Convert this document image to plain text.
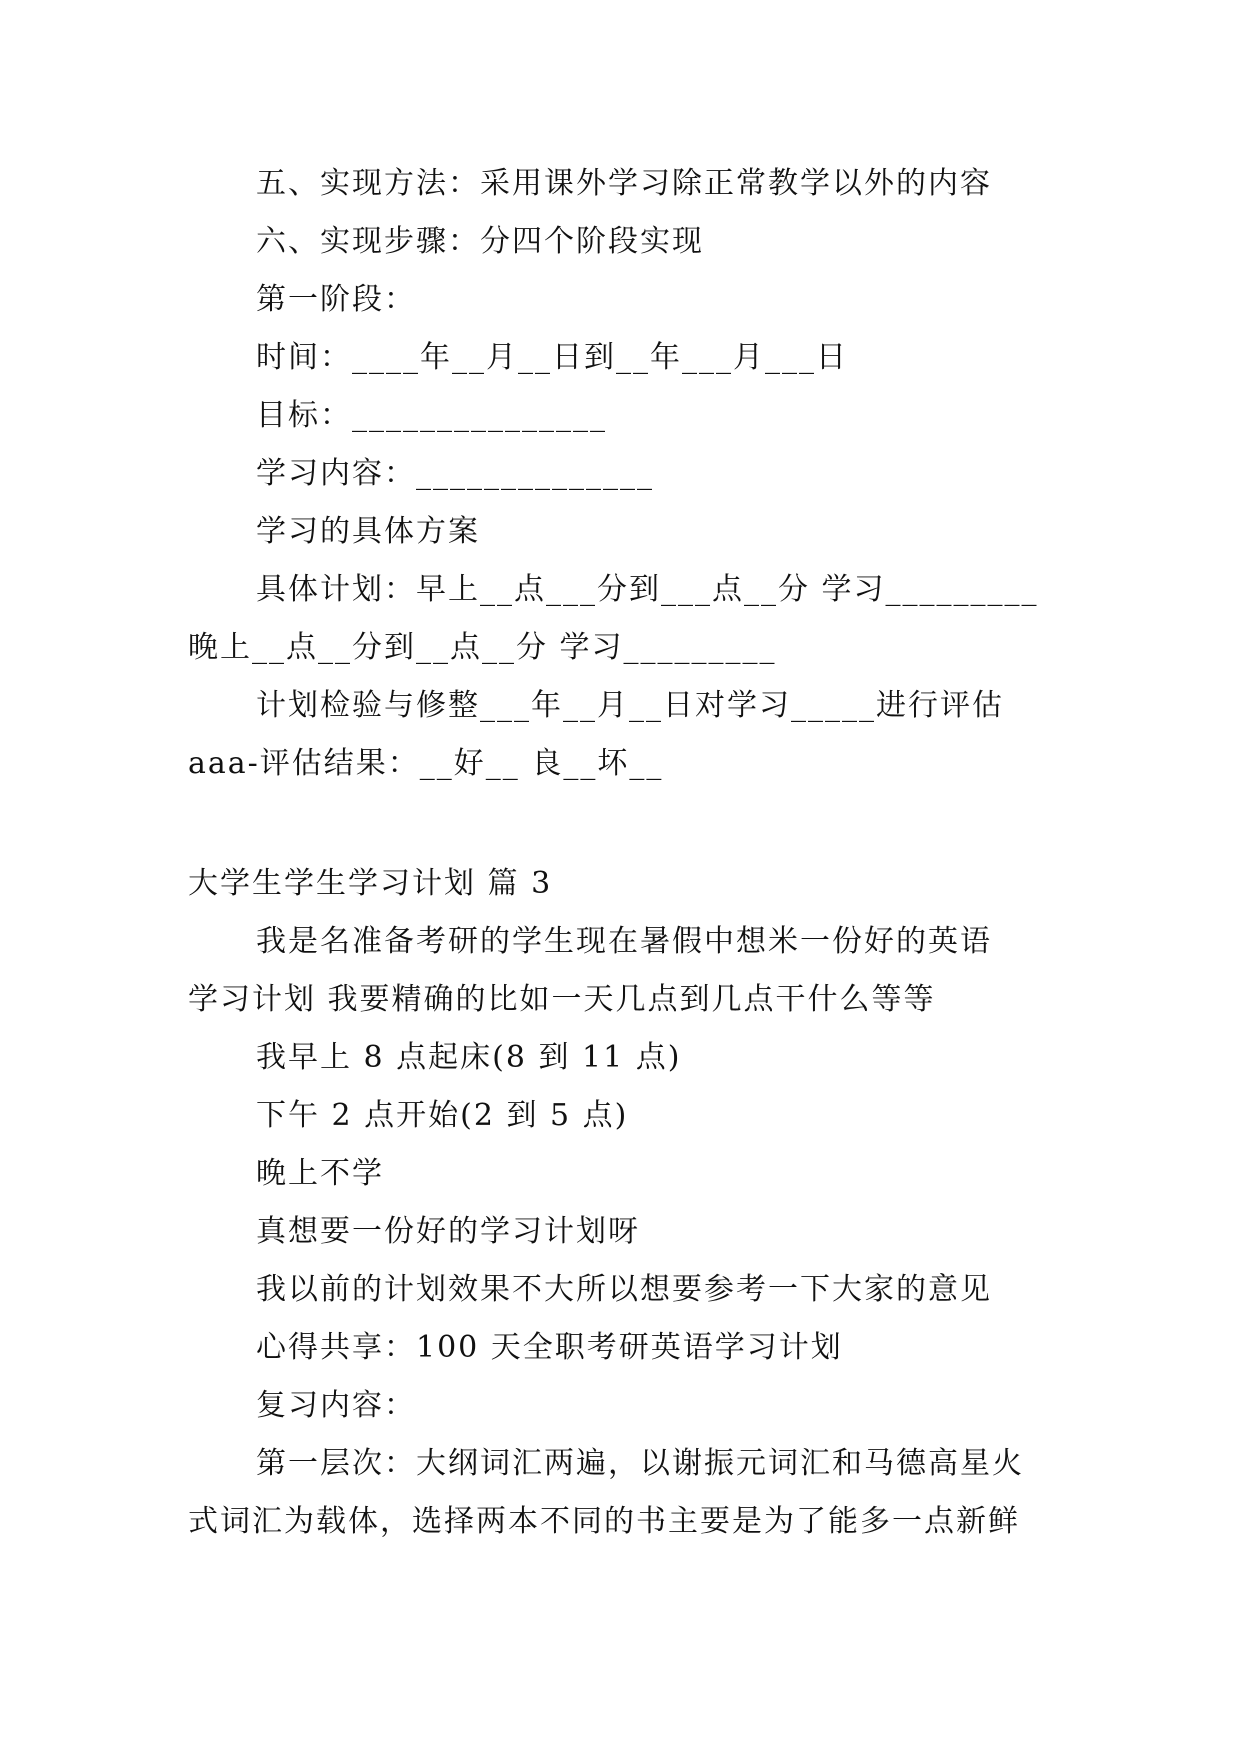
五、实现方法：采用课外学习除正常教学以外的内容
六、实现步骤：分四个阶段实现
第一阶段：
时间：____年__月__日到__年___月___日
目标：_______________
学习内容：______________
学习的具体方案
具体计划：早上__点___分到___点__分 学习_________
晚上__点__分到__点__分 学习_________
计划检验与修整___年__月__日对学习_____进行评估
aaa-评估结果：__好__ 良__坏__
大学生学生学习计划 篇 3
我是名准备考研的学生现在暑假中想米一份好的英语
学习计划 我要精确的比如一天几点到几点干什么等等
我早上 8 点起床(8 到 11 点)
下午 2 点开始(2 到 5 点)
晚上不学
真想要一份好的学习计划呀
我以前的计划效果不大所以想要参考一下大家的意见
心得共享：100 天全职考研英语学习计划
复习内容：
第一层次：大纲词汇两遍，以谢振元词汇和马德高星火
式词汇为载体，选择两本不同的书主要是为了能多一点新鲜
